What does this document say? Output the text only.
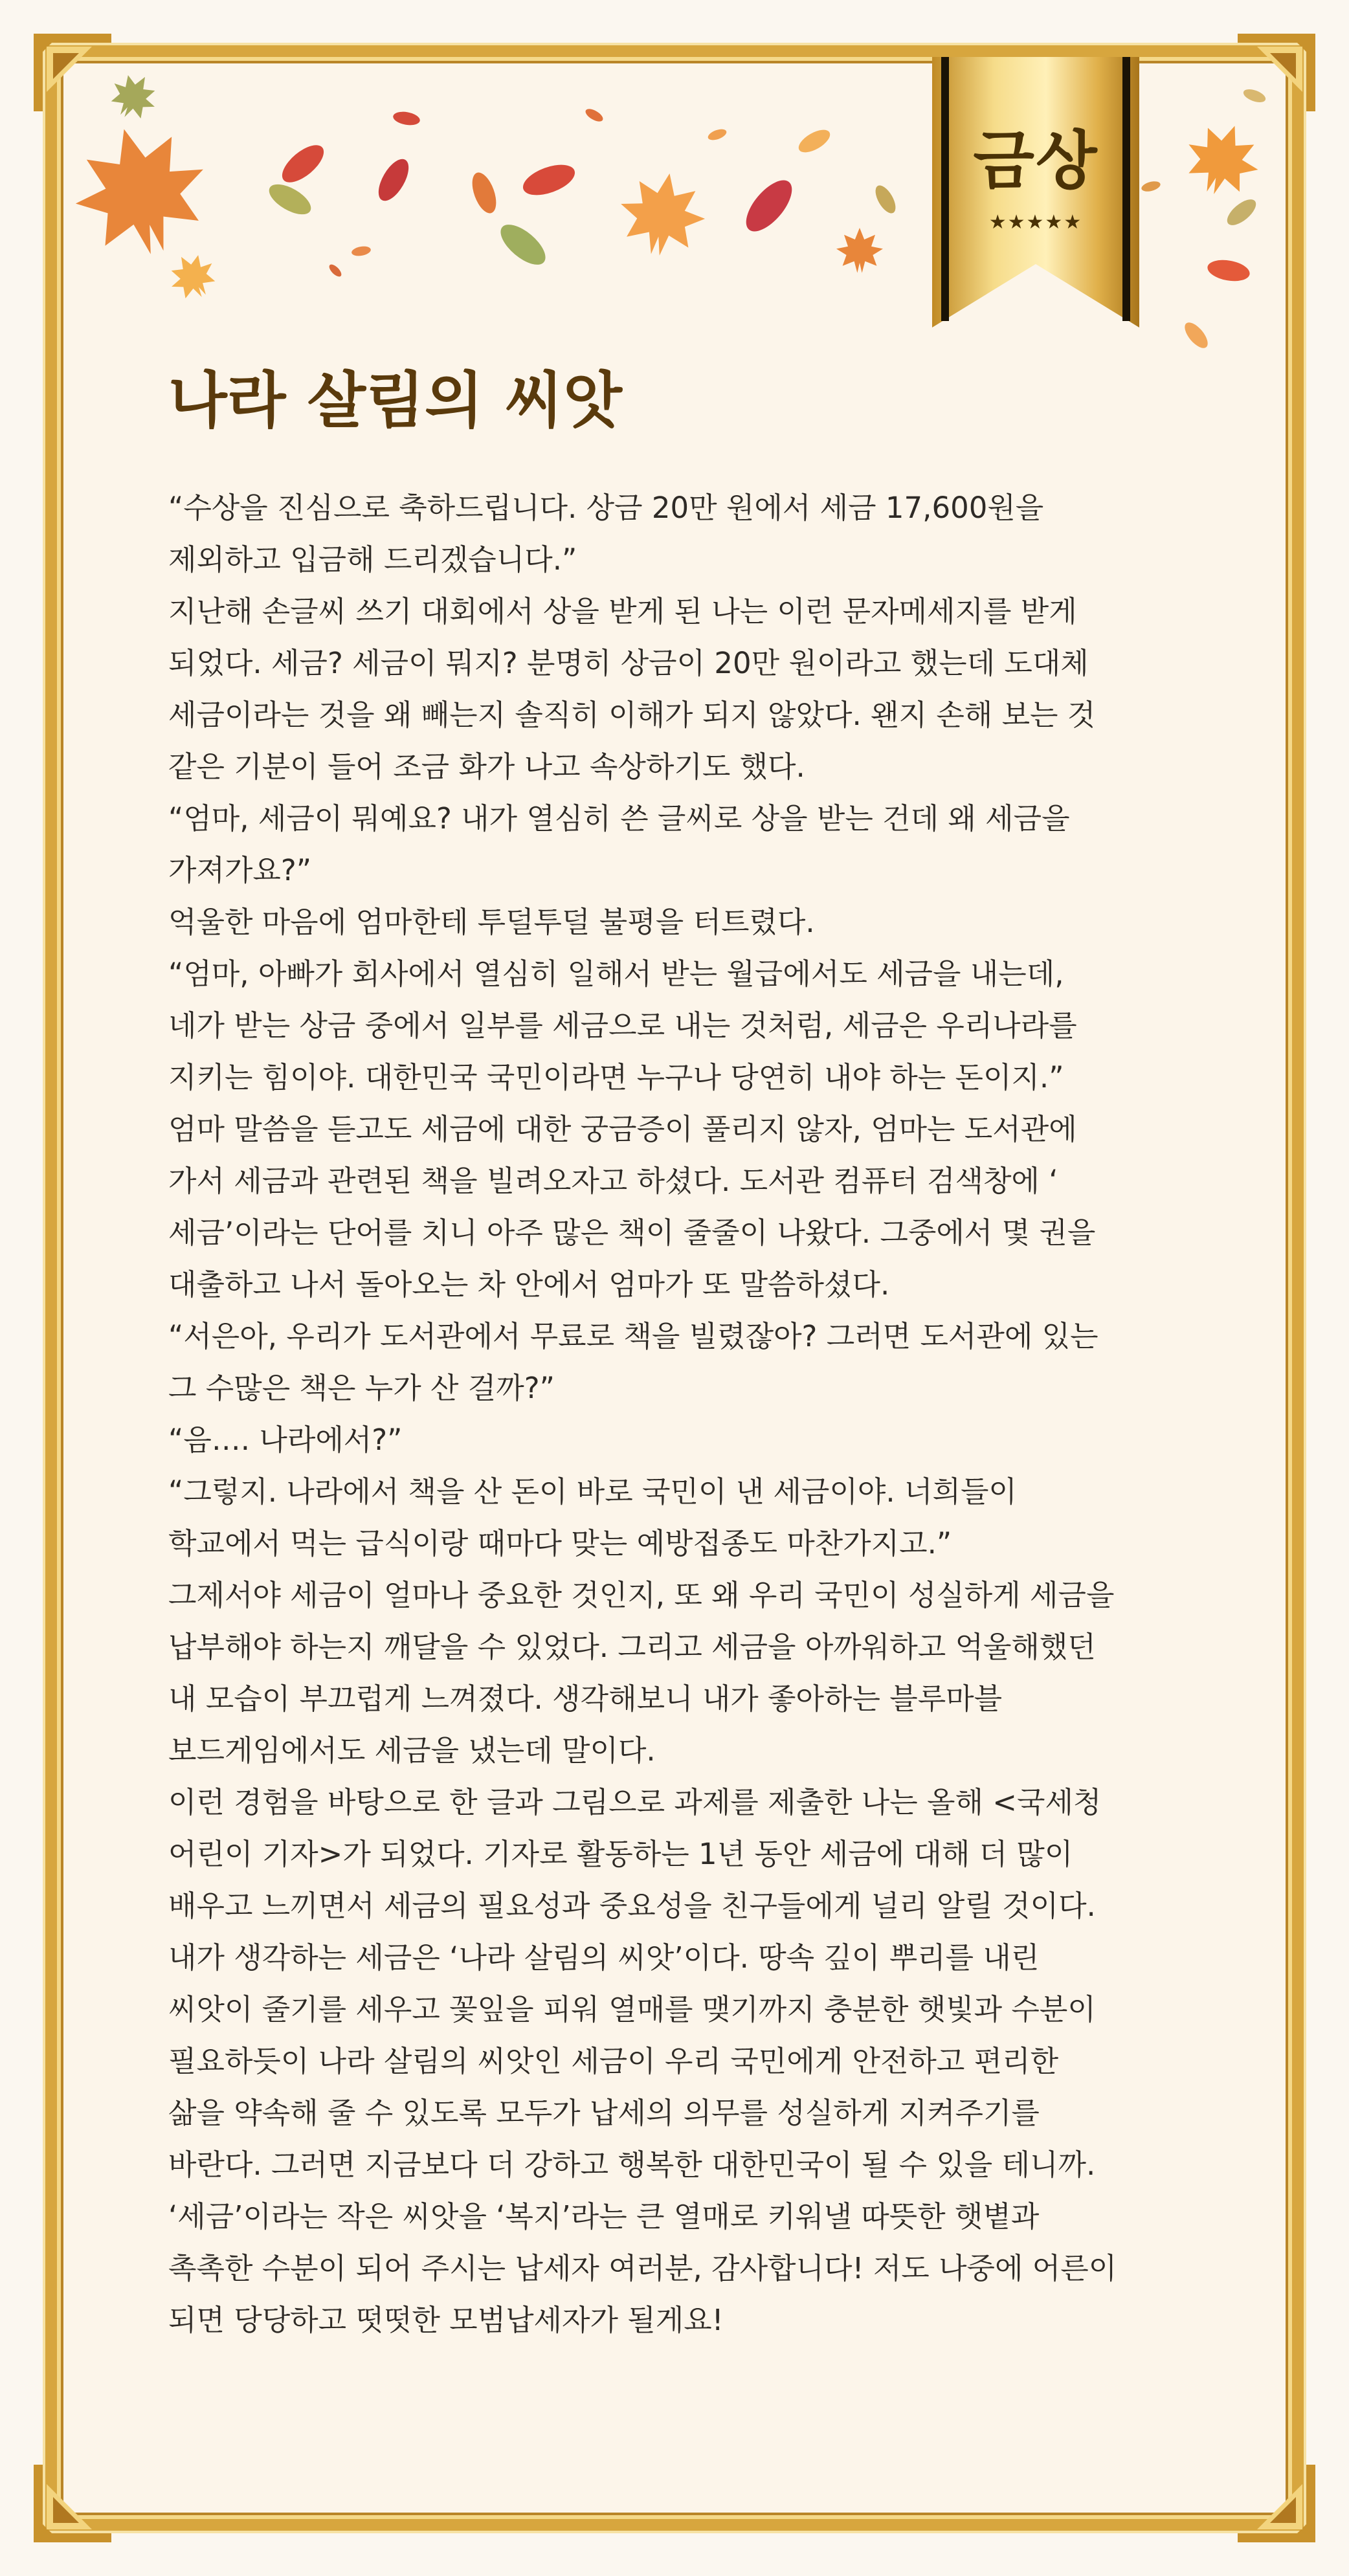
금상
★★★★★
나라 살림의 씨앗

“수상을 진심으로 축하드립니다. 상금 20만 원에서 세금 17,600원을

제외하고 입금해 드리겠습니다.”

지난해 손글씨 쓰기 대회에서 상을 받게 된 나는 이런 문자메세지를 받게

되었다. 세금? 세금이 뭐지? 분명히 상금이 20만 원이라고 했는데 도대체

세금이라는 것을 왜 빼는지 솔직히 이해가 되지 않았다. 왠지 손해 보는 것

같은 기분이 들어 조금 화가 나고 속상하기도 했다.

“엄마, 세금이 뭐예요? 내가 열심히 쓴 글씨로 상을 받는 건데 왜 세금을

가져가요?”

억울한 마음에 엄마한테 투덜투덜 불평을 터트렸다.

“엄마, 아빠가 회사에서 열심히 일해서 받는 월급에서도 세금을 내는데,

네가 받는 상금 중에서 일부를 세금으로 내는 것처럼, 세금은 우리나라를

지키는 힘이야. 대한민국 국민이라면 누구나 당연히 내야 하는 돈이지.”

엄마 말씀을 듣고도 세금에 대한 궁금증이 풀리지 않자, 엄마는 도서관에

가서 세금과 관련된 책을 빌려오자고 하셨다. 도서관 컴퓨터 검색창에 ‘

세금’이라는 단어를 치니 아주 많은 책이 줄줄이 나왔다. 그중에서 몇 권을

대출하고 나서 돌아오는 차 안에서 엄마가 또 말씀하셨다.

“서은아, 우리가 도서관에서 무료로 책을 빌렸잖아? 그러면 도서관에 있는

그 수많은 책은 누가 산 걸까?”

“음…. 나라에서?”

“그렇지. 나라에서 책을 산 돈이 바로 국민이 낸 세금이야. 너희들이

학교에서 먹는 급식이랑 때마다 맞는 예방접종도 마찬가지고.”

그제서야 세금이 얼마나 중요한 것인지, 또 왜 우리 국민이 성실하게 세금을

납부해야 하는지 깨달을 수 있었다. 그리고 세금을 아까워하고 억울해했던

내 모습이 부끄럽게 느껴졌다. 생각해보니 내가 좋아하는 블루마블

보드게임에서도 세금을 냈는데 말이다.

이런 경험을 바탕으로 한 글과 그림으로 과제를 제출한 나는 올해 <국세청

어린이 기자>가 되었다. 기자로 활동하는 1년 동안 세금에 대해 더 많이

배우고 느끼면서 세금의 필요성과 중요성을 친구들에게 널리 알릴 것이다.

내가 생각하는 세금은 ‘나라 살림의 씨앗’이다. 땅속 깊이 뿌리를 내린

씨앗이 줄기를 세우고 꽃잎을 피워 열매를 맺기까지 충분한 햇빛과 수분이

필요하듯이 나라 살림의 씨앗인 세금이 우리 국민에게 안전하고 편리한

삶을 약속해 줄 수 있도록 모두가 납세의 의무를 성실하게 지켜주기를

바란다. 그러면 지금보다 더 강하고 행복한 대한민국이 될 수 있을 테니까.

‘세금’이라는 작은 씨앗을 ‘복지’라는 큰 열매로 키워낼 따뜻한 햇볕과

촉촉한 수분이 되어 주시는 납세자 여러분, 감사합니다! 저도 나중에 어른이

되면 당당하고 떳떳한 모범납세자가 될게요!
